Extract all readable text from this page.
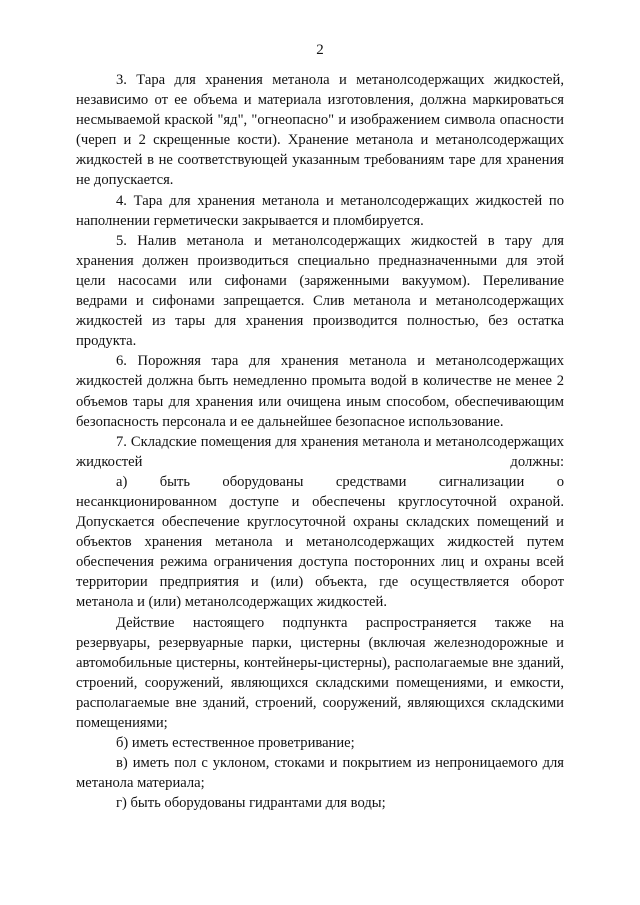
2

3. Тара для хранения метанола и метанолсодержащих жидкостей, независимо от ее объема и материала изготовления, должна маркироваться несмываемой краской "яд", "огнеопасно" и изображением символа опасности (череп и 2 скрещенные кости). Хранение метанола и метанолсодержащих жидкостей в не соответствующей указанным требованиям таре для хранения не допускается.

4. Тара для хранения метанола и метанолсодержащих жидкостей по наполнении герметически закрывается и пломбируется.

5. Налив метанола и метанолсодержащих жидкостей в тару для хранения должен производиться специально предназначенными для этой цели насосами или сифонами (заряженными вакуумом). Переливание ведрами и сифонами запрещается. Слив метанола и метанолсодержащих жидкостей из тары для хранения производится полностью, без остатка продукта.

6. Порожняя тара для хранения метанола и метанолсодержащих жидкостей должна быть немедленно промыта водой в количестве не менее 2 объемов тары для хранения или очищена иным способом, обеспечивающим безопасность персонала и ее дальнейшее безопасное использование.

7. Складские помещения для хранения метанола и метанолсодержащих жидкостей должны:

а) быть оборудованы средствами сигнализации о несанкционированном доступе и обеспечены круглосуточной охраной. Допускается обеспечение круглосуточной охраны складских помещений и объектов хранения метанола и метанолсодержащих жидкостей путем обеспечения режима ограничения доступа посторонних лиц и охраны всей территории предприятия и (или) объекта, где осуществляется оборот метанола и (или) метанолсодержащих жидкостей.

Действие настоящего подпункта распространяется также на резервуары, резервуарные парки, цистерны (включая железнодорожные и автомобильные цистерны, контейнеры-цистерны), располагаемые вне зданий, строений, сооружений, являющихся складскими помещениями, и емкости, располагаемые вне зданий, строений, сооружений, являющихся складскими помещениями;

б) иметь естественное проветривание;

в) иметь пол с уклоном, стоками и покрытием из непроницаемого для метанола материала;

г) быть оборудованы гидрантами для воды;
